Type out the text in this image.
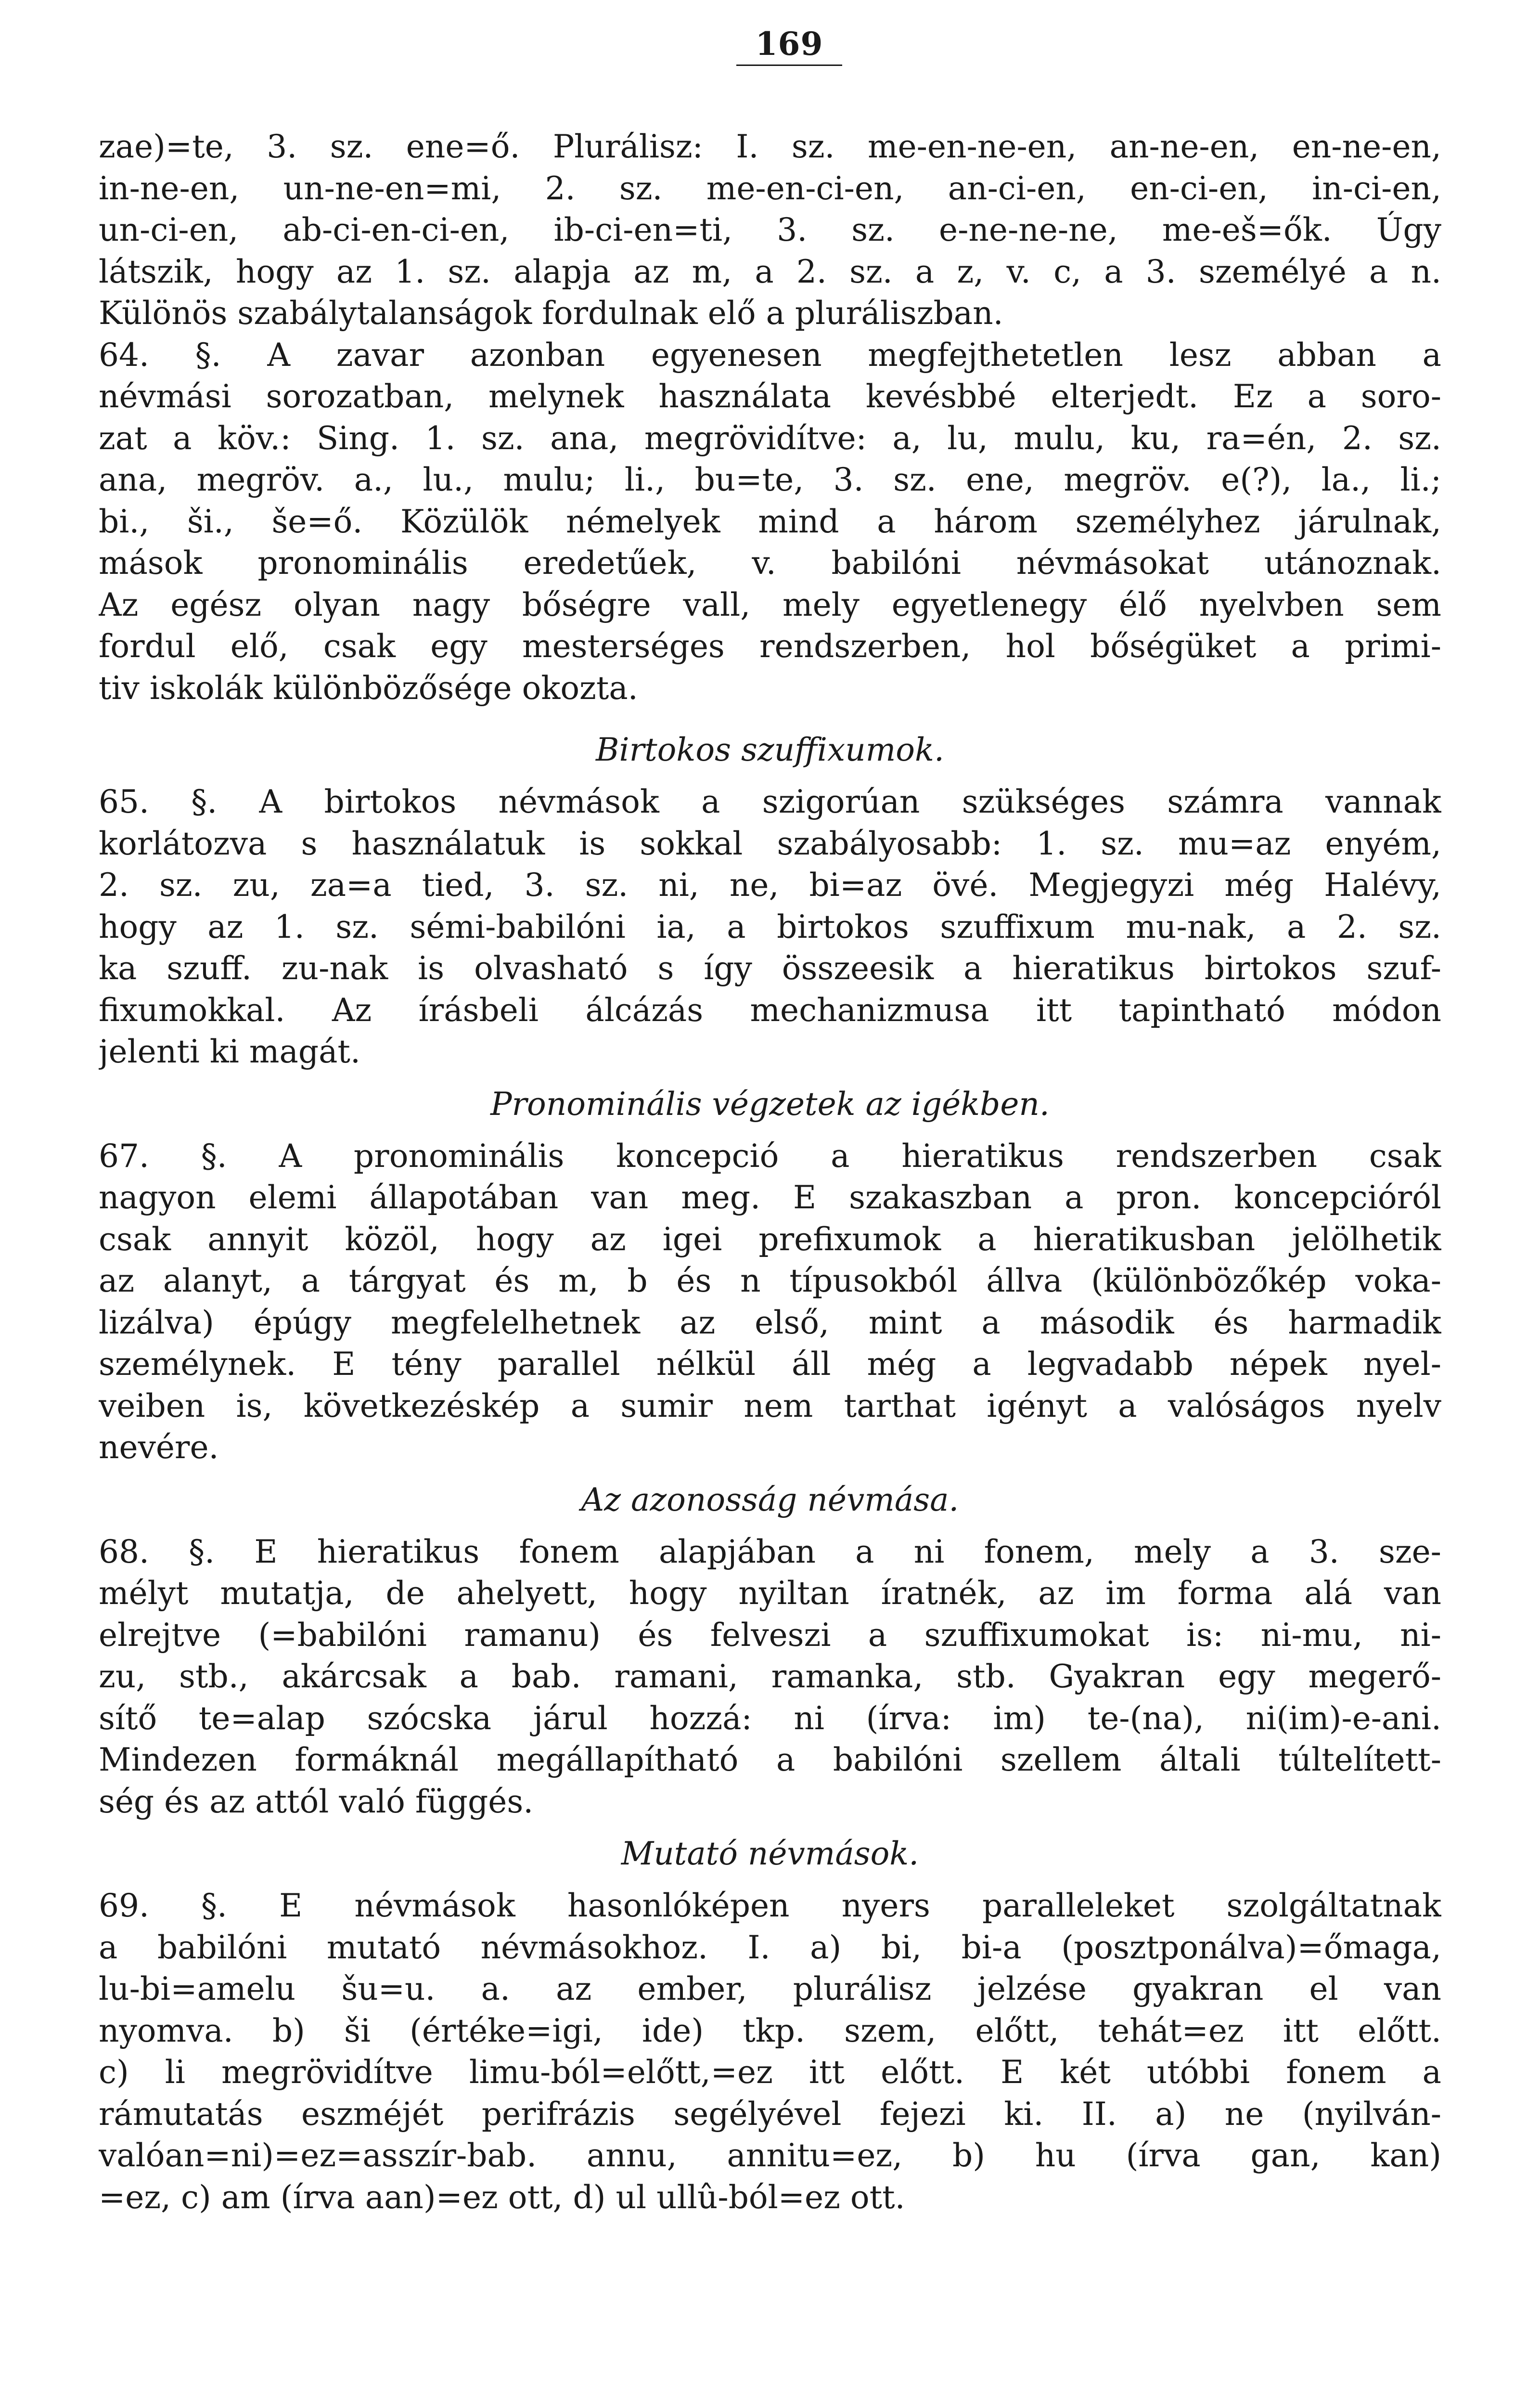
169
zae)=te, 3. sz. ene=ő. Plurálisz: I. sz. me-en-ne-en, an-ne-en, en-ne-en,
in-ne-en, un-ne-en=mi, 2. sz. me-en-ci-en, an-ci-en, en-ci-en, in-ci-en,
un-ci-en, ab-ci-en-ci-en, ib-ci-en=ti, 3. sz. e-ne-ne-ne, me-eš=ők. Úgy
látszik, hogy az 1. sz. alapja az m, a 2. sz. a z, v. c, a 3. személyé a n.
Különös szabálytalanságok fordulnak elő a pluráliszban.
64. §. A zavar azonban egyenesen megfejthetetlen lesz abban a
névmási sorozatban, melynek használata kevésbbé elterjedt. Ez a soro-
zat a köv.: Sing. 1. sz. ana, megrövidítve: a, lu, mulu, ku, ra=én, 2. sz.
ana, megröv. a., lu., mulu; li., bu=te, 3. sz. ene, megröv. e(?), la., li.;
bi., ši., še=ő. Közülök némelyek mind a három személyhez járulnak,
mások pronominális eredetűek, v. babilóni névmásokat utánoznak.
Az egész olyan nagy bőségre vall, mely egyetlenegy élő nyelvben sem
fordul elő, csak egy mesterséges rendszerben, hol bőségüket a primi-
tiv iskolák különbözősége okozta.
Birtokos szuffixumok.
65. §. A birtokos névmások a szigorúan szükséges számra vannak
korlátozva s használatuk is sokkal szabályosabb: 1. sz. mu=az enyém,
2. sz. zu, za=a tied, 3. sz. ni, ne, bi=az övé. Megjegyzi még Halévy,
hogy az 1. sz. sémi-babilóni ia, a birtokos szuffixum mu-nak, a 2. sz.
ka szuff. zu-nak is olvasható s így összeesik a hieratikus birtokos szuf-
fixumokkal. Az írásbeli álcázás mechanizmusa itt tapintható módon
jelenti ki magát.
Pronominális végzetek az igékben.
67. §. A pronominális koncepció a hieratikus rendszerben csak
nagyon elemi állapotában van meg. E szakaszban a pron. koncepcióról
csak annyit közöl, hogy az igei prefixumok a hieratikusban jelölhetik
az alanyt, a tárgyat és m, b és n típusokból állva (különbözőkép voka-
lizálva) épúgy megfelelhetnek az első, mint a második és harmadik
személynek. E tény parallel nélkül áll még a legvadabb népek nyel-
veiben is, következéskép a sumir nem tarthat igényt a valóságos nyelv
nevére.
Az azonosság névmása.
68. §. E hieratikus fonem alapjában a ni fonem, mely a 3. sze-
mélyt mutatja, de ahelyett, hogy nyiltan íratnék, az im forma alá van
elrejtve (=babilóni ramanu) és felveszi a szuffixumokat is: ni-mu, ni-
zu, stb., akárcsak a bab. ramani, ramanka, stb. Gyakran egy megerő-
sítő te=alap szócska járul hozzá: ni (írva: im) te-(na), ni(im)-e-ani.
Mindezen formáknál megállapítható a babilóni szellem általi túltelített-
ség és az attól való függés.
Mutató névmások.
69. §. E névmások hasonlóképen nyers paralleleket szolgáltatnak
a babilóni mutató névmásokhoz. I. a) bi, bi-a (posztponálva)=őmaga,
lu-bi=amelu šu=u. a. az ember, plurálisz jelzése gyakran el van
nyomva. b) ši (értéke=igi, ide) tkp. szem, előtt, tehát=ez itt előtt.
c) li megrövidítve limu-ból=előtt,=ez itt előtt. E két utóbbi fonem a
rámutatás eszméjét perifrázis segélyével fejezi ki. II. a) ne (nyilván-
valóan=ni)=ez=asszír-bab. annu, annitu=ez, b) hu (írva gan, kan)
=ez, c) am (írva aan)=ez ott, d) ul ullû-ból=ez ott.
